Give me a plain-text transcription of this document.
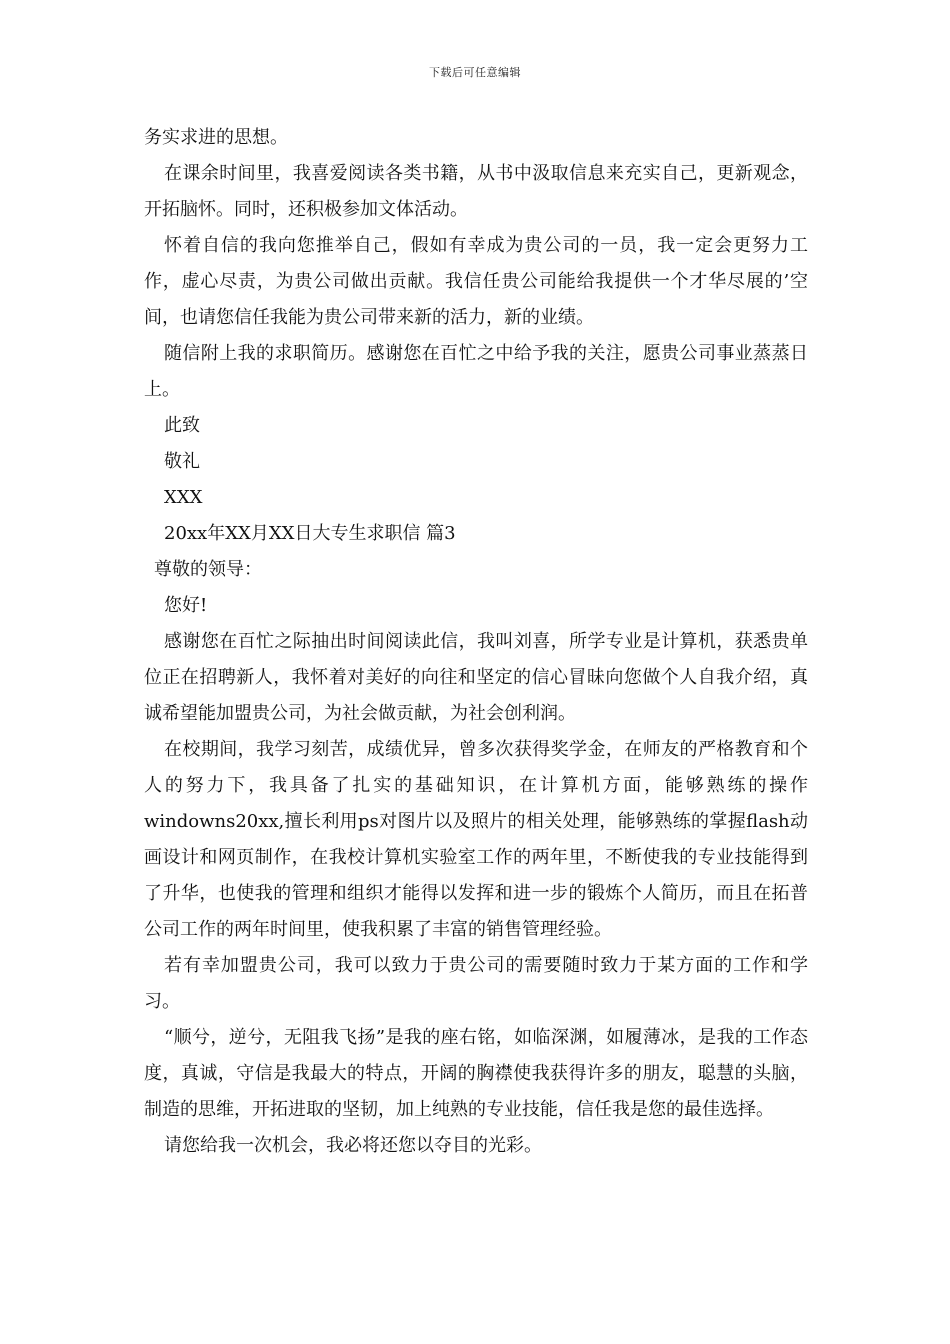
下载后可任意编辑

务实求进的思想。

在课余时间里，我喜爱阅读各类书籍，从书中汲取信息来充实自己，更新观念，开拓脑怀。同时，还积极参加文体活动。

怀着自信的我向您推举自己，假如有幸成为贵公司的一员，我一定会更努力工作，虚心尽责，为贵公司做出贡献。我信任贵公司能给我提供一个才华尽展的’空间，也请您信任我能为贵公司带来新的活力，新的业绩。

随信附上我的求职简历。感谢您在百忙之中给予我的关注，愿贵公司事业蒸蒸日上。

此致

敬礼

XXX

20xx年XX月XX日大专生求职信 篇3

尊敬的领导：

您好!

感谢您在百忙之际抽出时间阅读此信，我叫刘喜，所学专业是计算机，获悉贵单位正在招聘新人，我怀着对美好的向往和坚定的信心冒昧向您做个人自我介绍，真诚希望能加盟贵公司，为社会做贡献，为社会创利润。

在校期间，我学习刻苦，成绩优异，曾多次获得奖学金，在师友的严格教育和个人的努力下，我具备了扎实的基础知识，在计算机方面，能够熟练的操作windowns20xx,擅长利用ps对图片以及照片的相关处理，能够熟练的掌握flash动画设计和网页制作，在我校计算机实验室工作的两年里，不断使我的专业技能得到了升华，也使我的管理和组织才能得以发挥和进一步的锻炼个人简历，而且在拓普公司工作的两年时间里，使我积累了丰富的销售管理经验。

若有幸加盟贵公司，我可以致力于贵公司的需要随时致力于某方面的工作和学习。

“顺兮，逆兮，无阻我飞扬”是我的座右铭，如临深渊，如履薄冰，是我的工作态度，真诚，守信是我最大的特点，开阔的胸襟使我获得许多的朋友，聪慧的头脑，制造的思维，开拓进取的坚韧，加上纯熟的专业技能，信任我是您的最佳选择。

请您给我一次机会，我必将还您以夺目的光彩。
